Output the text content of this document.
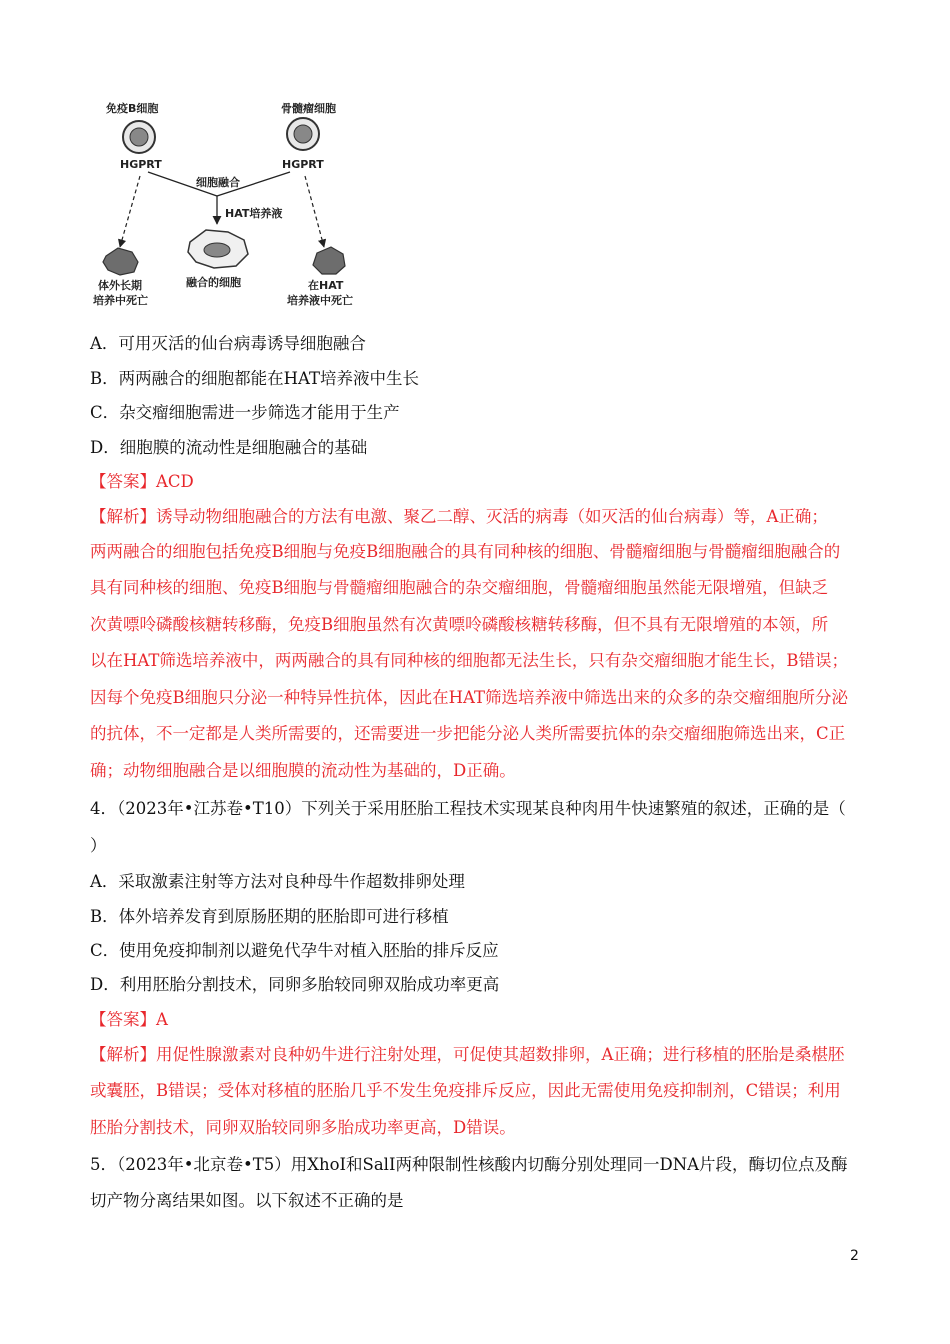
免疫B细胞	骨髓瘤细胞
HGPRT	HGPRT
细胞融合
HAT培养液
体外长期
培养中死亡
融合的细胞	在HAT
培养液中死亡
A．可用灭活的仙台病毒诱导细胞融合
B．两两融合的细胞都能在HAT培养液中生长
C．杂交瘤细胞需进一步筛选才能用于生产
D．细胞膜的流动性是细胞融合的基础
【答案】ACD
【解析】诱导动物细胞融合的方法有电激、聚乙二醇、灭活的病毒（如灭活的仙台病毒）等，A正确；
两两融合的细胞包括免疫B细胞与免疫B细胞融合的具有同种核的细胞、骨髓瘤细胞与骨髓瘤细胞融合的
具有同种核的细胞、免疫B细胞与骨髓瘤细胞融合的杂交瘤细胞，骨髓瘤细胞虽然能无限增殖，但缺乏
次黄嘌呤磷酸核糖转移酶，免疫B细胞虽然有次黄嘌呤磷酸核糖转移酶，但不具有无限增殖的本领，所
以在HAT筛选培养液中，两两融合的具有同种核的细胞都无法生长，只有杂交瘤细胞才能生长，B错误；
因每个免疫B细胞只分泌一种特异性抗体，因此在HAT筛选培养液中筛选出来的众多的杂交瘤细胞所分泌
的抗体，不一定都是人类所需要的，还需要进一步把能分泌人类所需要抗体的杂交瘤细胞筛选出来，C正
确；动物细胞融合是以细胞膜的流动性为基础的，D正确。
4．（2023年•江苏卷•T10）下列关于采用胚胎工程技术实现某良种肉用牛快速繁殖的叙述，正确的是（
）
A．采取激素注射等方法对良种母牛作超数排卵处理
B．体外培养发育到原肠胚期的胚胎即可进行移植
C．使用免疫抑制剂以避免代孕牛对植入胚胎的排斥反应
D．利用胚胎分割技术，同卵多胎较同卵双胎成功率更高
【答案】A
【解析】用促性腺激素对良种奶牛进行注射处理，可促使其超数排卵，A正确；进行移植的胚胎是桑椹胚
或囊胚，B错误；受体对移植的胚胎几乎不发生免疫排斥反应，因此无需使用免疫抑制剂，C错误；利用
胚胎分割技术，同卵双胎较同卵多胎成功率更高，D错误。
5．（2023年•北京卷•T5）用XhoI和SalI两种限制性核酸内切酶分别处理同一DNA片段，酶切位点及酶
切产物分离结果如图。以下叙述不正确的是
2
